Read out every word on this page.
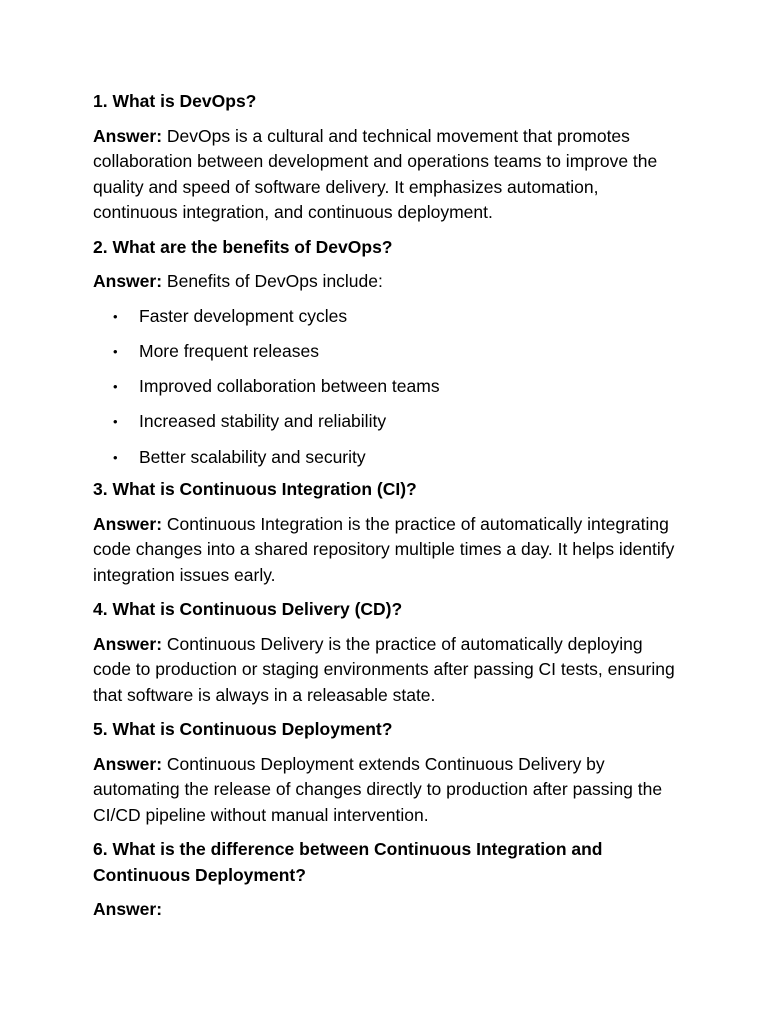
1. What is DevOps?

Answer: DevOps is a cultural and technical movement that promotes collaboration between development and operations teams to improve the quality and speed of software delivery. It emphasizes automation, continuous integration, and continuous deployment.

2. What are the benefits of DevOps?

Answer: Benefits of DevOps include:

• Faster development cycles
• More frequent releases
• Improved collaboration between teams
• Increased stability and reliability
• Better scalability and security

3. What is Continuous Integration (CI)?

Answer: Continuous Integration is the practice of automatically integrating code changes into a shared repository multiple times a day. It helps identify integration issues early.

4. What is Continuous Delivery (CD)?

Answer: Continuous Delivery is the practice of automatically deploying code to production or staging environments after passing CI tests, ensuring that software is always in a releasable state.

5. What is Continuous Deployment?

Answer: Continuous Deployment extends Continuous Delivery by automating the release of changes directly to production after passing the CI/CD pipeline without manual intervention.

6. What is the difference between Continuous Integration and Continuous Deployment?

Answer:
